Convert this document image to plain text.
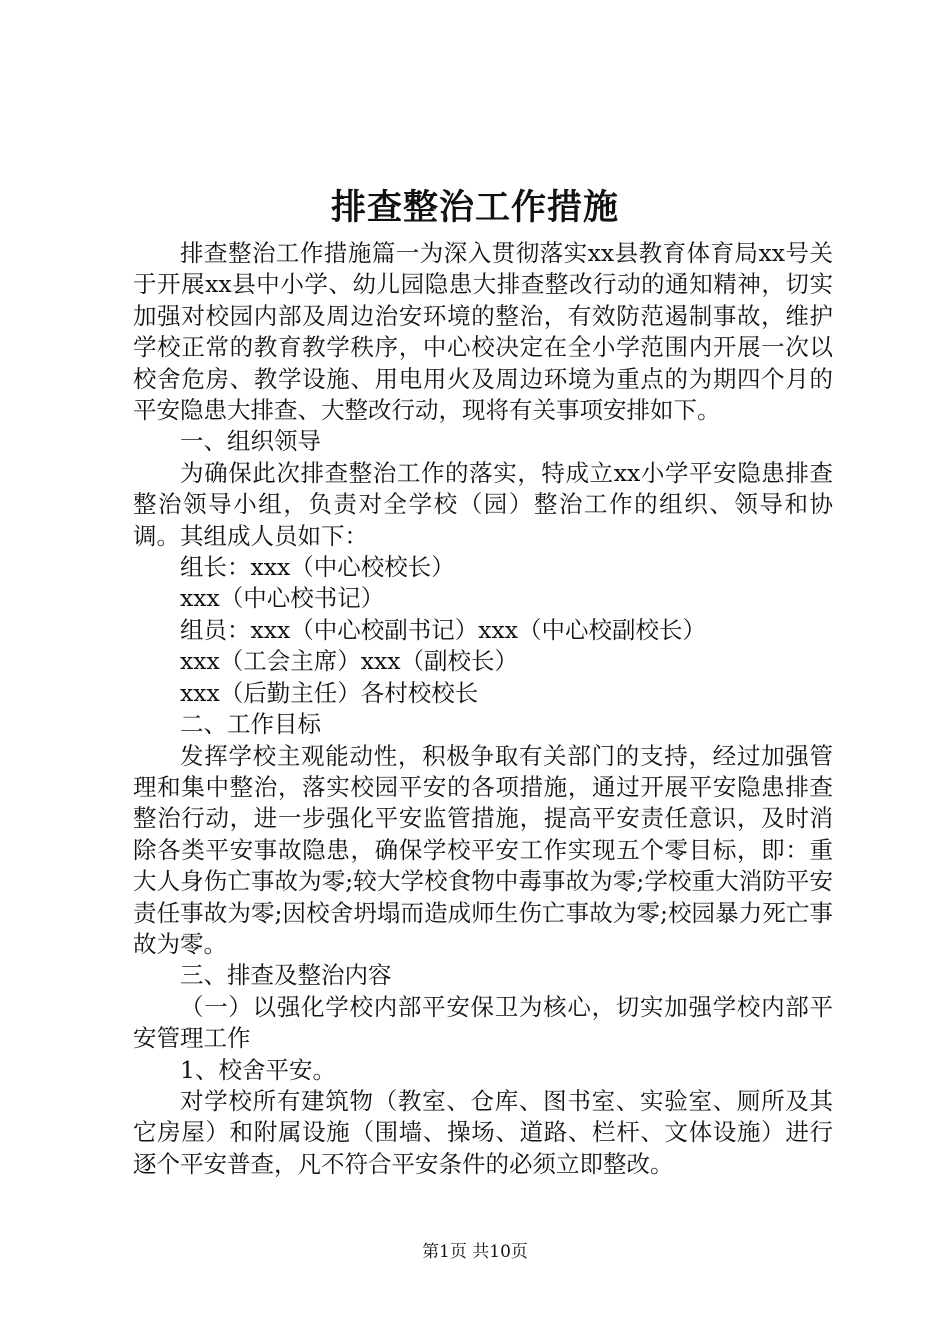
排查整治工作措施

排查整治工作措施篇一为深入贯彻落实xx县教育体育局xx号关于开展xx县中小学、幼儿园隐患大排查整改行动的通知精神，切实加强对校园内部及周边治安环境的整治，有效防范遏制事故，维护学校正常的教育教学秩序，中心校决定在全小学范围内开展一次以校舍危房、教学设施、用电用火及周边环境为重点的为期四个月的平安隐患大排查、大整改行动，现将有关事项安排如下。

一、组织领导

为确保此次排查整治工作的落实，特成立xx小学平安隐患排查整治领导小组，负责对全学校（园）整治工作的组织、领导和协调。其组成人员如下：

组长：xxx（中心校校长）

xxx（中心校书记）

组员：xxx（中心校副书记）xxx（中心校副校长）

xxx（工会主席）xxx（副校长）

xxx（后勤主任）各村校校长

二、工作目标

发挥学校主观能动性，积极争取有关部门的支持，经过加强管理和集中整治，落实校园平安的各项措施，通过开展平安隐患排查整治行动，进一步强化平安监管措施，提高平安责任意识，及时消除各类平安事故隐患，确保学校平安工作实现五个零目标，即：重大人身伤亡事故为零;较大学校食物中毒事故为零;学校重大消防平安责任事故为零;因校舍坍塌而造成师生伤亡事故为零;校园暴力死亡事故为零。

三、排查及整治内容

（一）以强化学校内部平安保卫为核心，切实加强学校内部平安管理工作

1、校舍平安。

对学校所有建筑物（教室、仓库、图书室、实验室、厕所及其它房屋）和附属设施（围墙、操场、道路、栏杆、文体设施）进行逐个平安普查，凡不符合平安条件的必须立即整改。

第1页 共10页
